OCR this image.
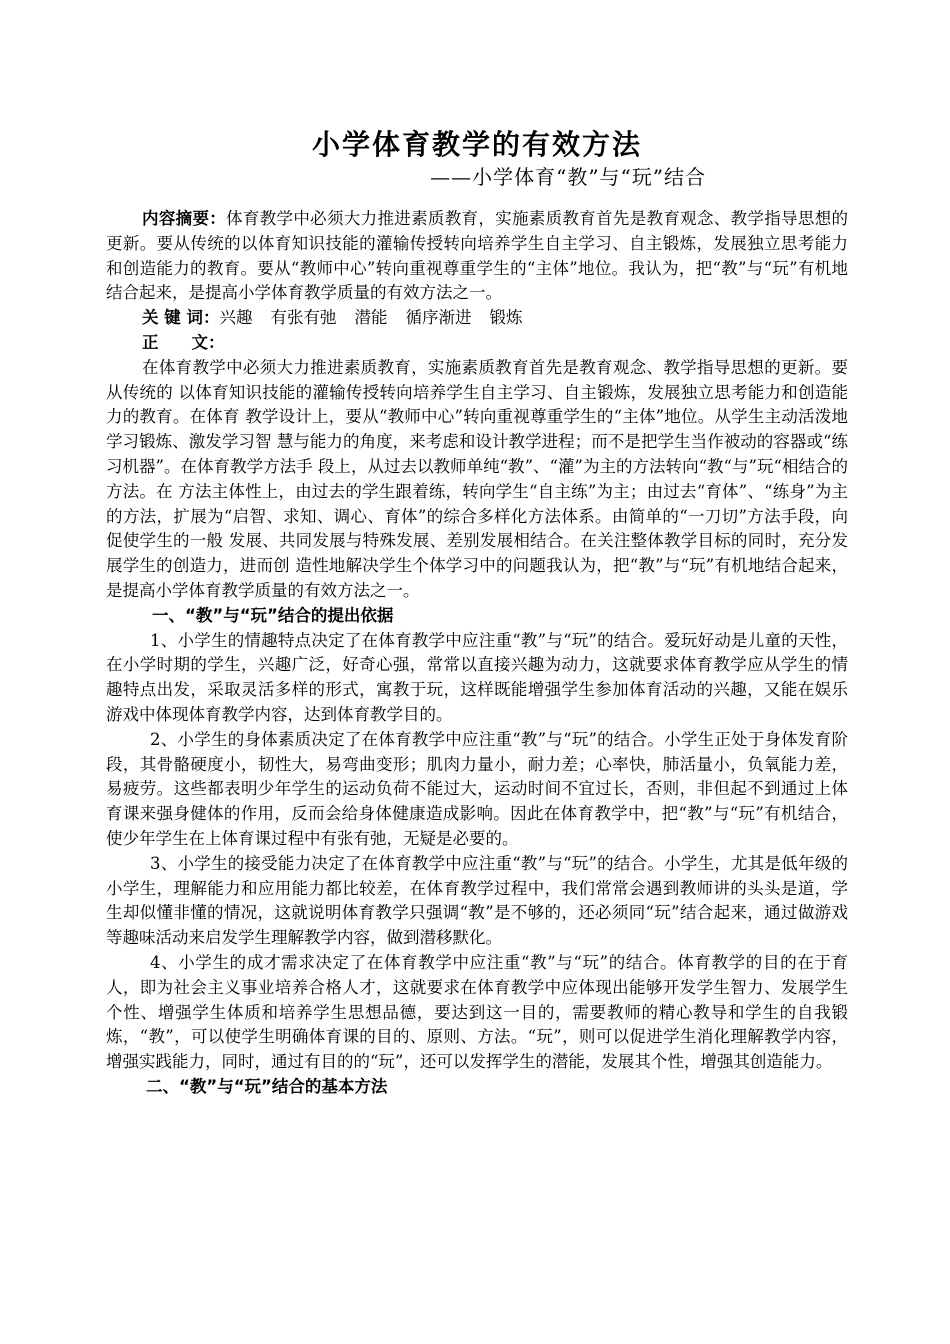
小学体育教学的有效方法
——小学体育“教”与“玩”结合

内容摘要：体育教学中必须大力推进素质教育，实施素质教育首先是教育观念、教学指导思想的更新。要从传统的以体育知识技能的灌输传授转向培养学生自主学习、自主锻炼，发展独立思考能力和创造能力的教育。要从“教师中心”转向重视尊重学生的“主体”地位。我认为，把“教”与“玩”有机地结合起来，是提高小学体育教学质量的有效方法之一。

关 键 词：兴趣 有张有弛 潜能 循序渐进 锻炼

正　　文：

在体育教学中必须大力推进素质教育，实施素质教育首先是教育观念、教学指导思想的更新。要从传统的 以体育知识技能的灌输传授转向培养学生自主学习、自主锻炼，发展独立思考能力和创造能力的教育。在体育 教学设计上，要从“教师中心”转向重视尊重学生的“主体”地位。从学生主动活泼地学习锻炼、激发学习智 慧与能力的角度，来考虑和设计教学进程；而不是把学生当作被动的容器或“练习机器”。在体育教学方法手 段上，从过去以教师单纯“教”、“灌”为主的方法转向“教“与”玩“相结合的方法。在 方法主体性上，由过去的学生跟着练，转向学生“自主练”为主；由过去“育体”、“练身”为主的方法，扩展为“启智、求知、调心、育体”的综合多样化方法体系。由简单的“一刀切”方法手段，向促使学生的一般 发展、共同发展与特殊发展、差别发展相结合。在关注整体教学目标的同时，充分发展学生的创造力，进而创 造性地解决学生个体学习中的问题我认为，把“教”与“玩”有机地结合起来，是提高小学体育教学质量的有效方法之一。

一、“教”与“玩”结合的提出依据

1、小学生的情趣特点决定了在体育教学中应注重“教”与“玩”的结合。爱玩好动是儿童的天性，在小学时期的学生，兴趣广泛，好奇心强，常常以直接兴趣为动力，这就要求体育教学应从学生的情趣特点出发，采取灵活多样的形式，寓教于玩，这样既能增强学生参加体育活动的兴趣，又能在娱乐游戏中体现体育教学内容，达到体育教学目的。

2、小学生的身体素质决定了在体育教学中应注重“教”与“玩”的结合。小学生正处于身体发育阶段，其骨骼硬度小，韧性大，易弯曲变形；肌肉力量小，耐力差；心率快，肺活量小，负氧能力差，易疲劳。这些都表明少年学生的运动负荷不能过大，运动时间不宜过长，否则，非但起不到通过上体育课来强身健体的作用，反而会给身体健康造成影响。因此在体育教学中，把“教”与“玩”有机结合，使少年学生在上体育课过程中有张有弛，无疑是必要的。

3、小学生的接受能力决定了在体育教学中应注重“教”与“玩”的结合。小学生，尤其是低年级的小学生，理解能力和应用能力都比较差，在体育教学过程中，我们常常会遇到教师讲的头头是道，学生却似懂非懂的情况，这就说明体育教学只强调“教”是不够的，还必须同“玩”结合起来，通过做游戏等趣味活动来启发学生理解教学内容，做到潜移默化。

4、小学生的成才需求决定了在体育教学中应注重“教”与“玩”的结合。体育教学的目的在于育人，即为社会主义事业培养合格人才，这就要求在体育教学中应体现出能够开发学生智力、发展学生个性、增强学生体质和培养学生思想品德，要达到这一目的，需要教师的精心教导和学生的自我锻炼，“教”，可以使学生明确体育课的目的、原则、方法。“玩”，则可以促进学生消化理解教学内容，增强实践能力，同时，通过有目的的“玩”，还可以发挥学生的潜能，发展其个性，增强其创造能力。

二、“教”与“玩”结合的基本方法
